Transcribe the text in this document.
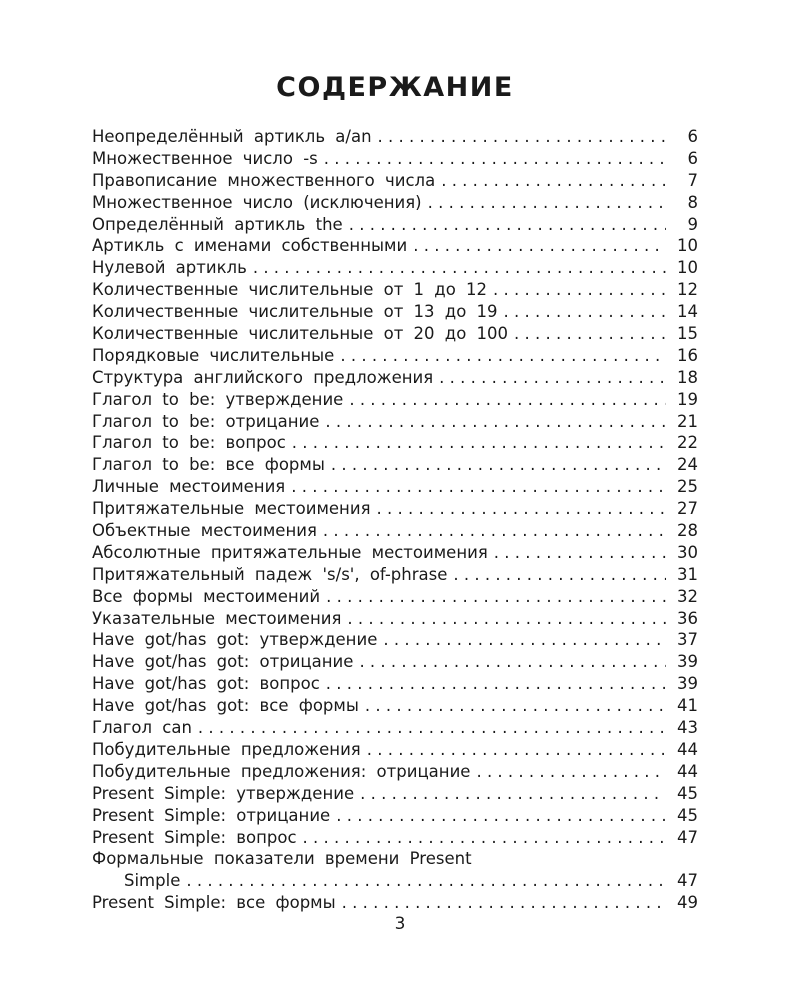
СОДЕРЖАНИЕ
Неопределённый артикль a/an . . .	6
Множественное число -s . . .	6
Правописание множественного числа . . .	7
Множественное число (исключения) . . .	8
Определённый артикль the . . .	9
Артикль с именами собственными . . .	10
Нулевой артикль . . .	10
Количественные числительные от 1 до 12 . . .	12
Количественные числительные от 13 до 19 . . .	14
Количественные числительные от 20 до 100 . . .	15
Порядковые числительные . . .	16
Структура английского предложения . . .	18
Глагол to be: утверждение . . .	19
Глагол to be: отрицание . . .	21
Глагол to be: вопрос . . .	22
Глагол to be: все формы . . .	24
Личные местоимения . . .	25
Притяжательные местоимения . . .	27
Объектные местоимения . . .	28
Абсолютные притяжательные местоимения . . .	30
Притяжательный падеж 's/s', of-phrase . . .	31
Все формы местоимений . . .	32
Указательные местоимения . . .	36
Have got/has got: утверждение . . .	37
Have got/has got: отрицание . . .	39
Have got/has got: вопрос . . .	39
Have got/has got: все формы . . .	41
Глагол can . . .	43
Побудительные предложения . . .	44
Побудительные предложения: отрицание . . .	44
Present Simple: утверждение . . .	45
Present Simple: отрицание . . .	45
Present Simple: вопрос . . .	47
Формальные показатели времени Present
Simple . . .	47
Present Simple: все формы . . .	49
3
